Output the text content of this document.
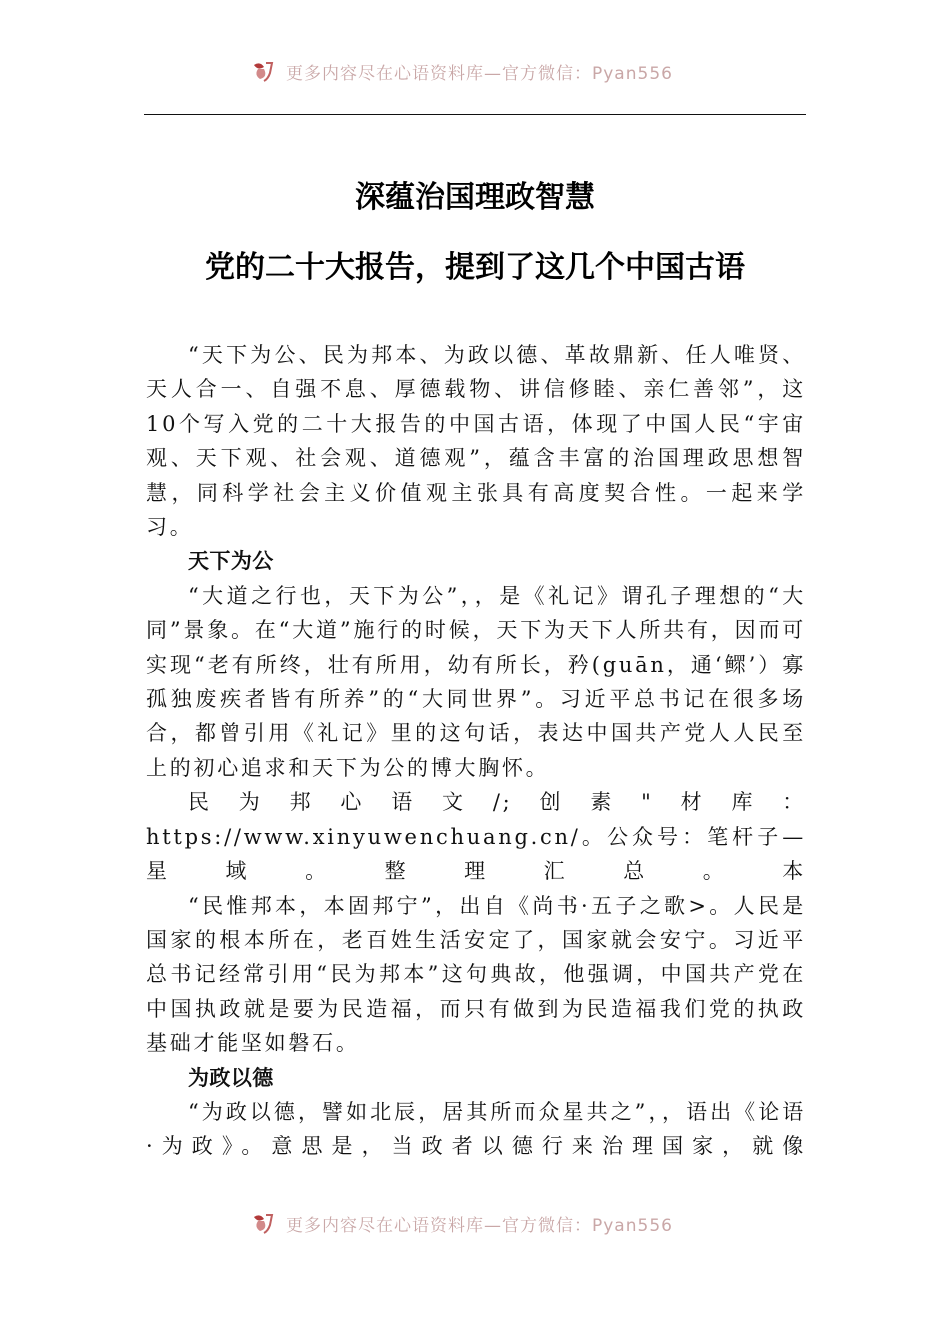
更多内容尽在心语资料库—官方微信：Pyan556
深蕴治国理政智慧
党的二十大报告，提到了这几个中国古语

“天下为公、民为邦本、为政以德、革故鼎新、任人唯贤、天人合一、自强不息、厚德载物、讲信修睦、亲仁善邻”，这10个写入党的二十大报告的中国古语，体现了中国人民“宇宙观、天下观、社会观、道德观”，蕴含丰富的治国理政思想智慧，同科学社会主义价值观主张具有高度契合性。一起来学习。

天下为公

“大道之行也，天下为公”，，是《礼记》谓孔子理想的“大同”景象。在“大道”施行的时候，天下为天下人所共有，因而可实现“老有所终，壮有所用，幼有所长，矜(guān，通‘鳏’）寡孤独废疾者皆有所养”的“大同世界”。习近平总书记在很多场合，都曾引用《礼记》里的这句话，表达中国共产党人人民至上的初心追求和天下为公的博大胸怀。

民为邦心语文/;创素"材库：https://www.xinyuwenchuang.cn/。公众号：笔杆子—星域。整理汇总。本

“民惟邦本，本固邦宁”，出自《尚书·五子之歌>。人民是国家的根本所在，老百姓生活安定了，国家就会安宁。习近平总书记经常引用“民为邦本”这句典故，他强调，中国共产党在中国执政就是要为民造福，而只有做到为民造福我们党的执政基础才能坚如磐石。

为政以德

“为政以德，譬如北辰，居其所而众星共之”，，语出《论语·为政》。意思是，当政者以德行来治理国家，就像

更多内容尽在心语资料库—官方微信：Pyan556
